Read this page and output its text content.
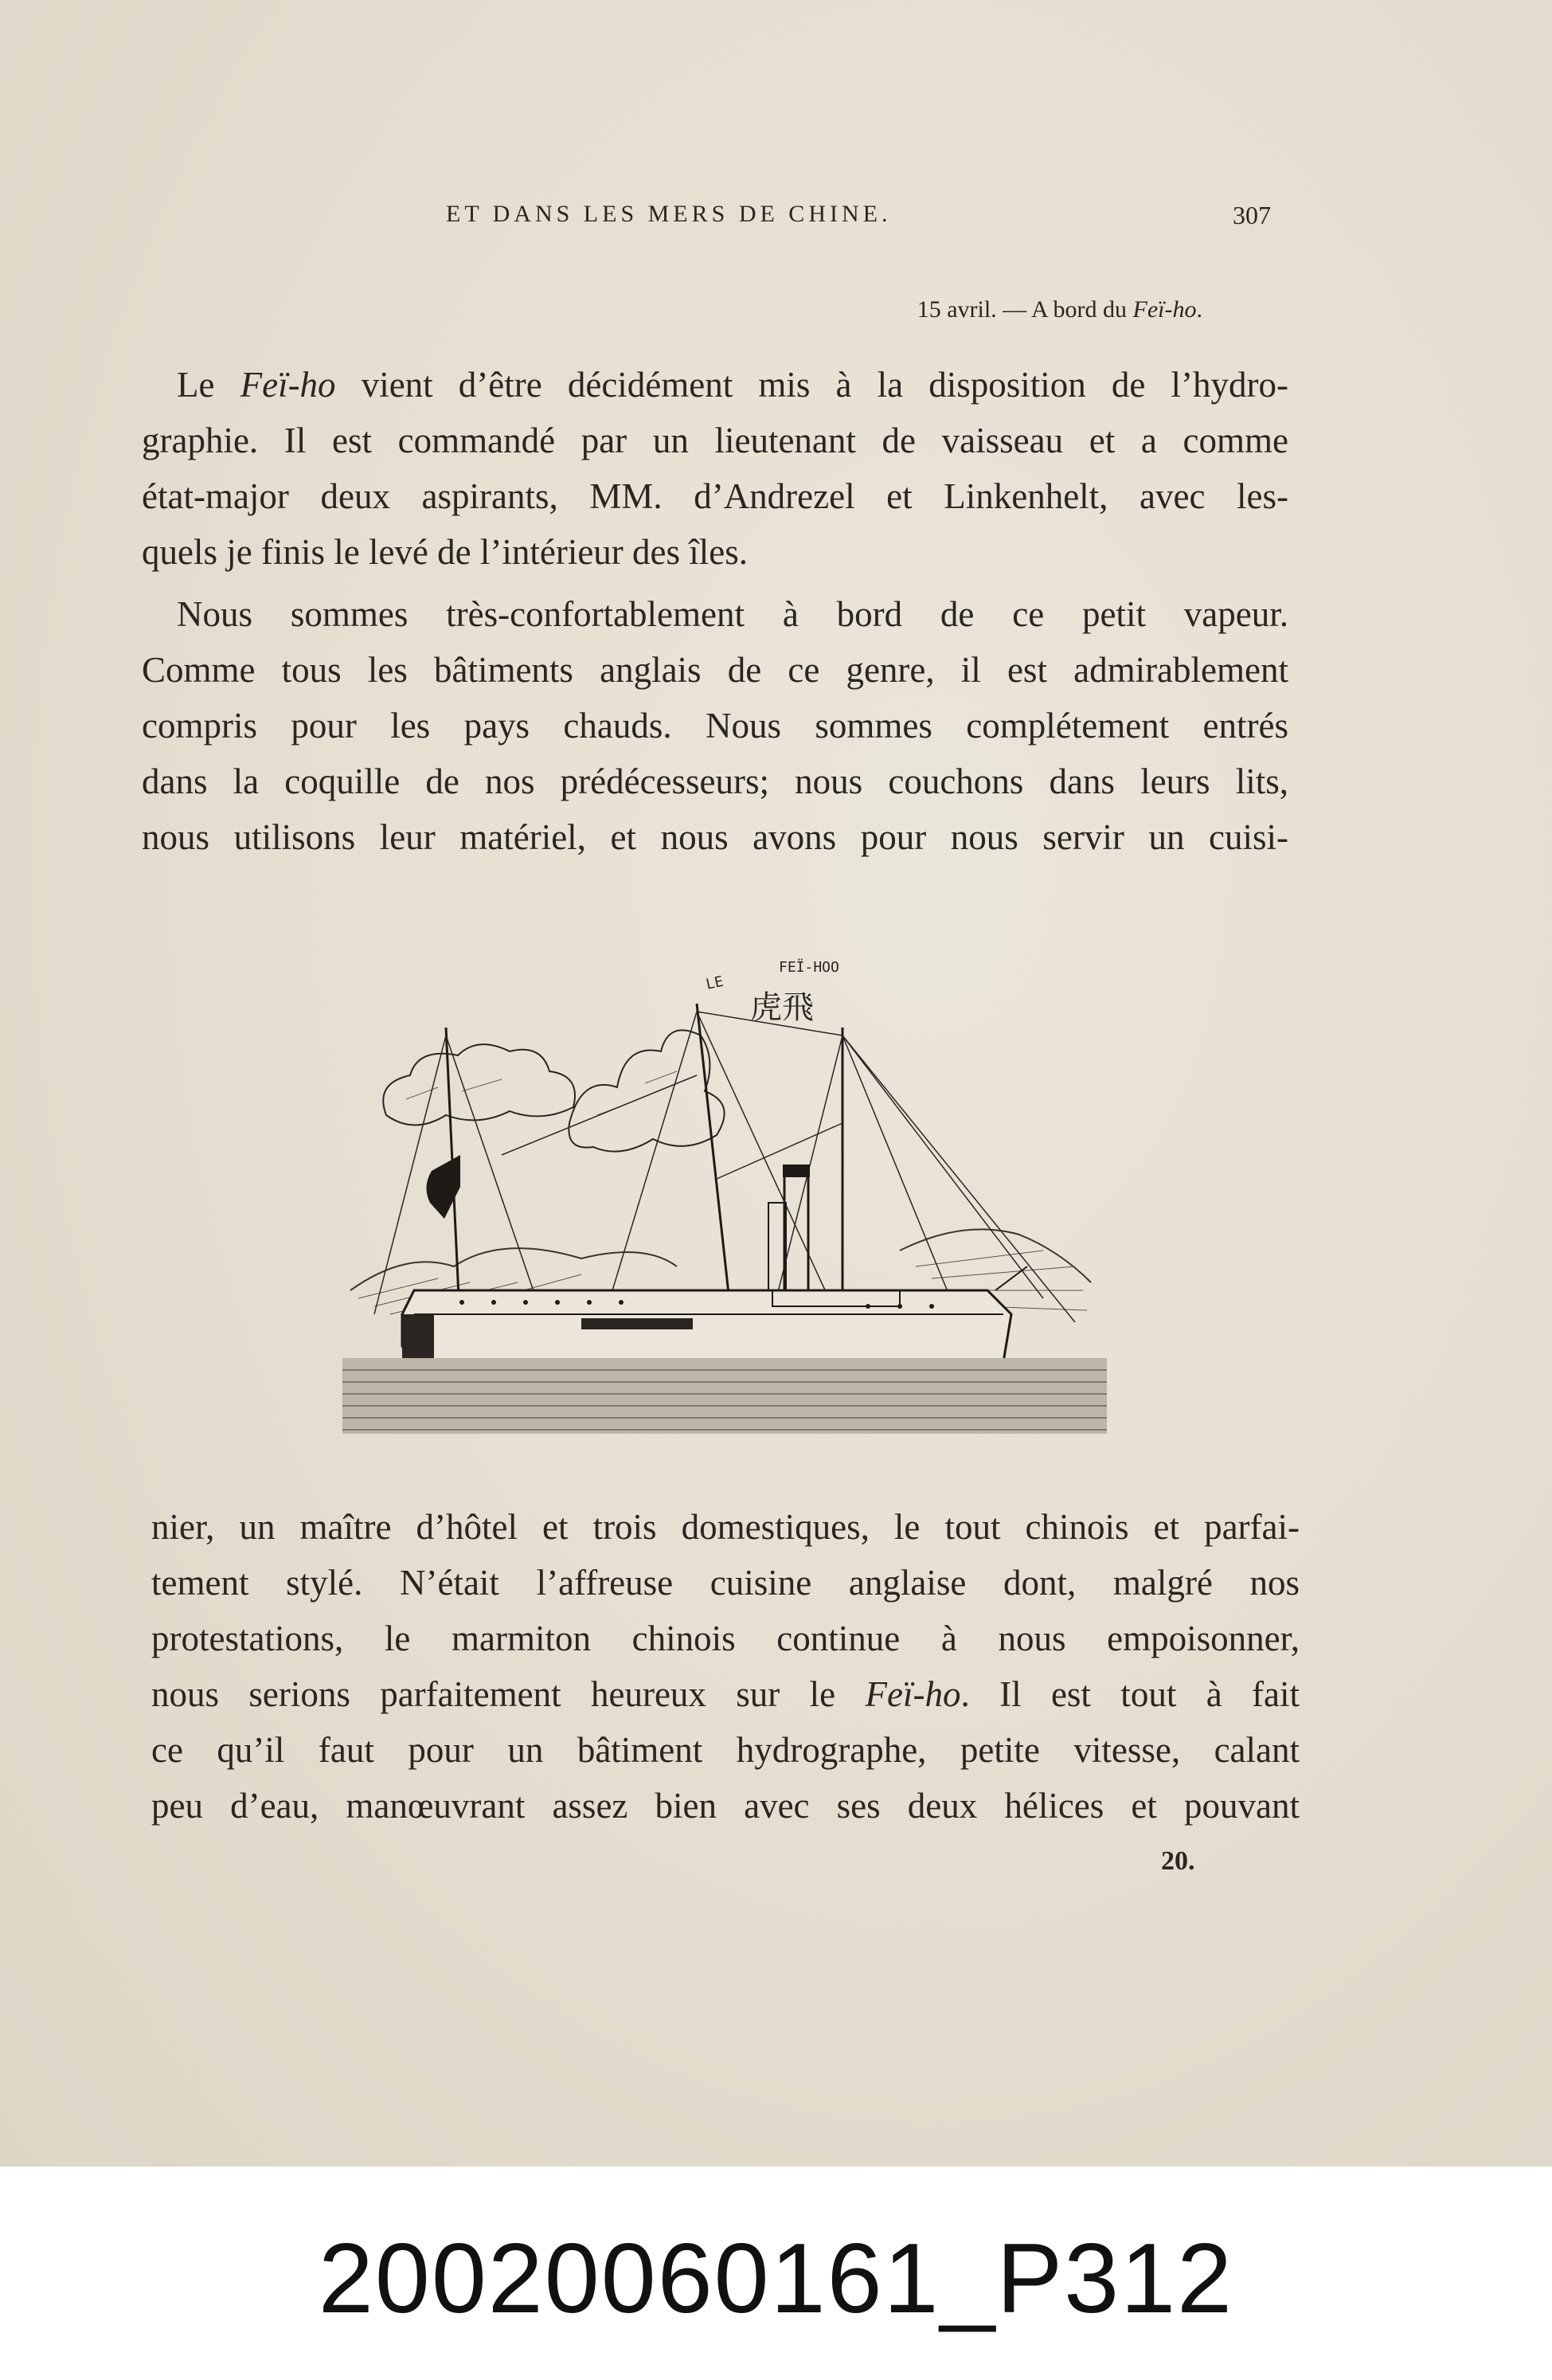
ET DANS LES MERS DE CHINE.	307
15 avril. — A bord du Feï-ho.
Le Feï-ho vient d’être décidément mis à la disposition de l’hydro-
graphie. Il est commandé par un lieutenant de vaisseau et a comme
état-major deux aspirants, MM. d’Andrezel et Linkenhelt, avec les-
quels je finis le levé de l’intérieur des îles.
Nous sommes très-confortablement à bord de ce petit vapeur.
Comme tous les bâtiments anglais de ce genre, il est admirablement
compris pour les pays chauds. Nous sommes complétement entrés
dans la coquille de nos prédécesseurs; nous couchons dans leurs lits,
nous utilisons leur matériel, et nous avons pour nous servir un cuisi-
LE
FEÏ-HOO
虎飛
nier, un maître d’hôtel et trois domestiques, le tout chinois et parfai-
tement stylé. N’était l’affreuse cuisine anglaise dont, malgré nos
protestations, le marmiton chinois continue à nous empoisonner,
nous serions parfaitement heureux sur le Feï-ho. Il est tout à fait
ce qu’il faut pour un bâtiment hydrographe, petite vitesse, calant
peu d’eau, manœuvrant assez bien avec ses deux hélices et pouvant
20.
20020060161_P312
